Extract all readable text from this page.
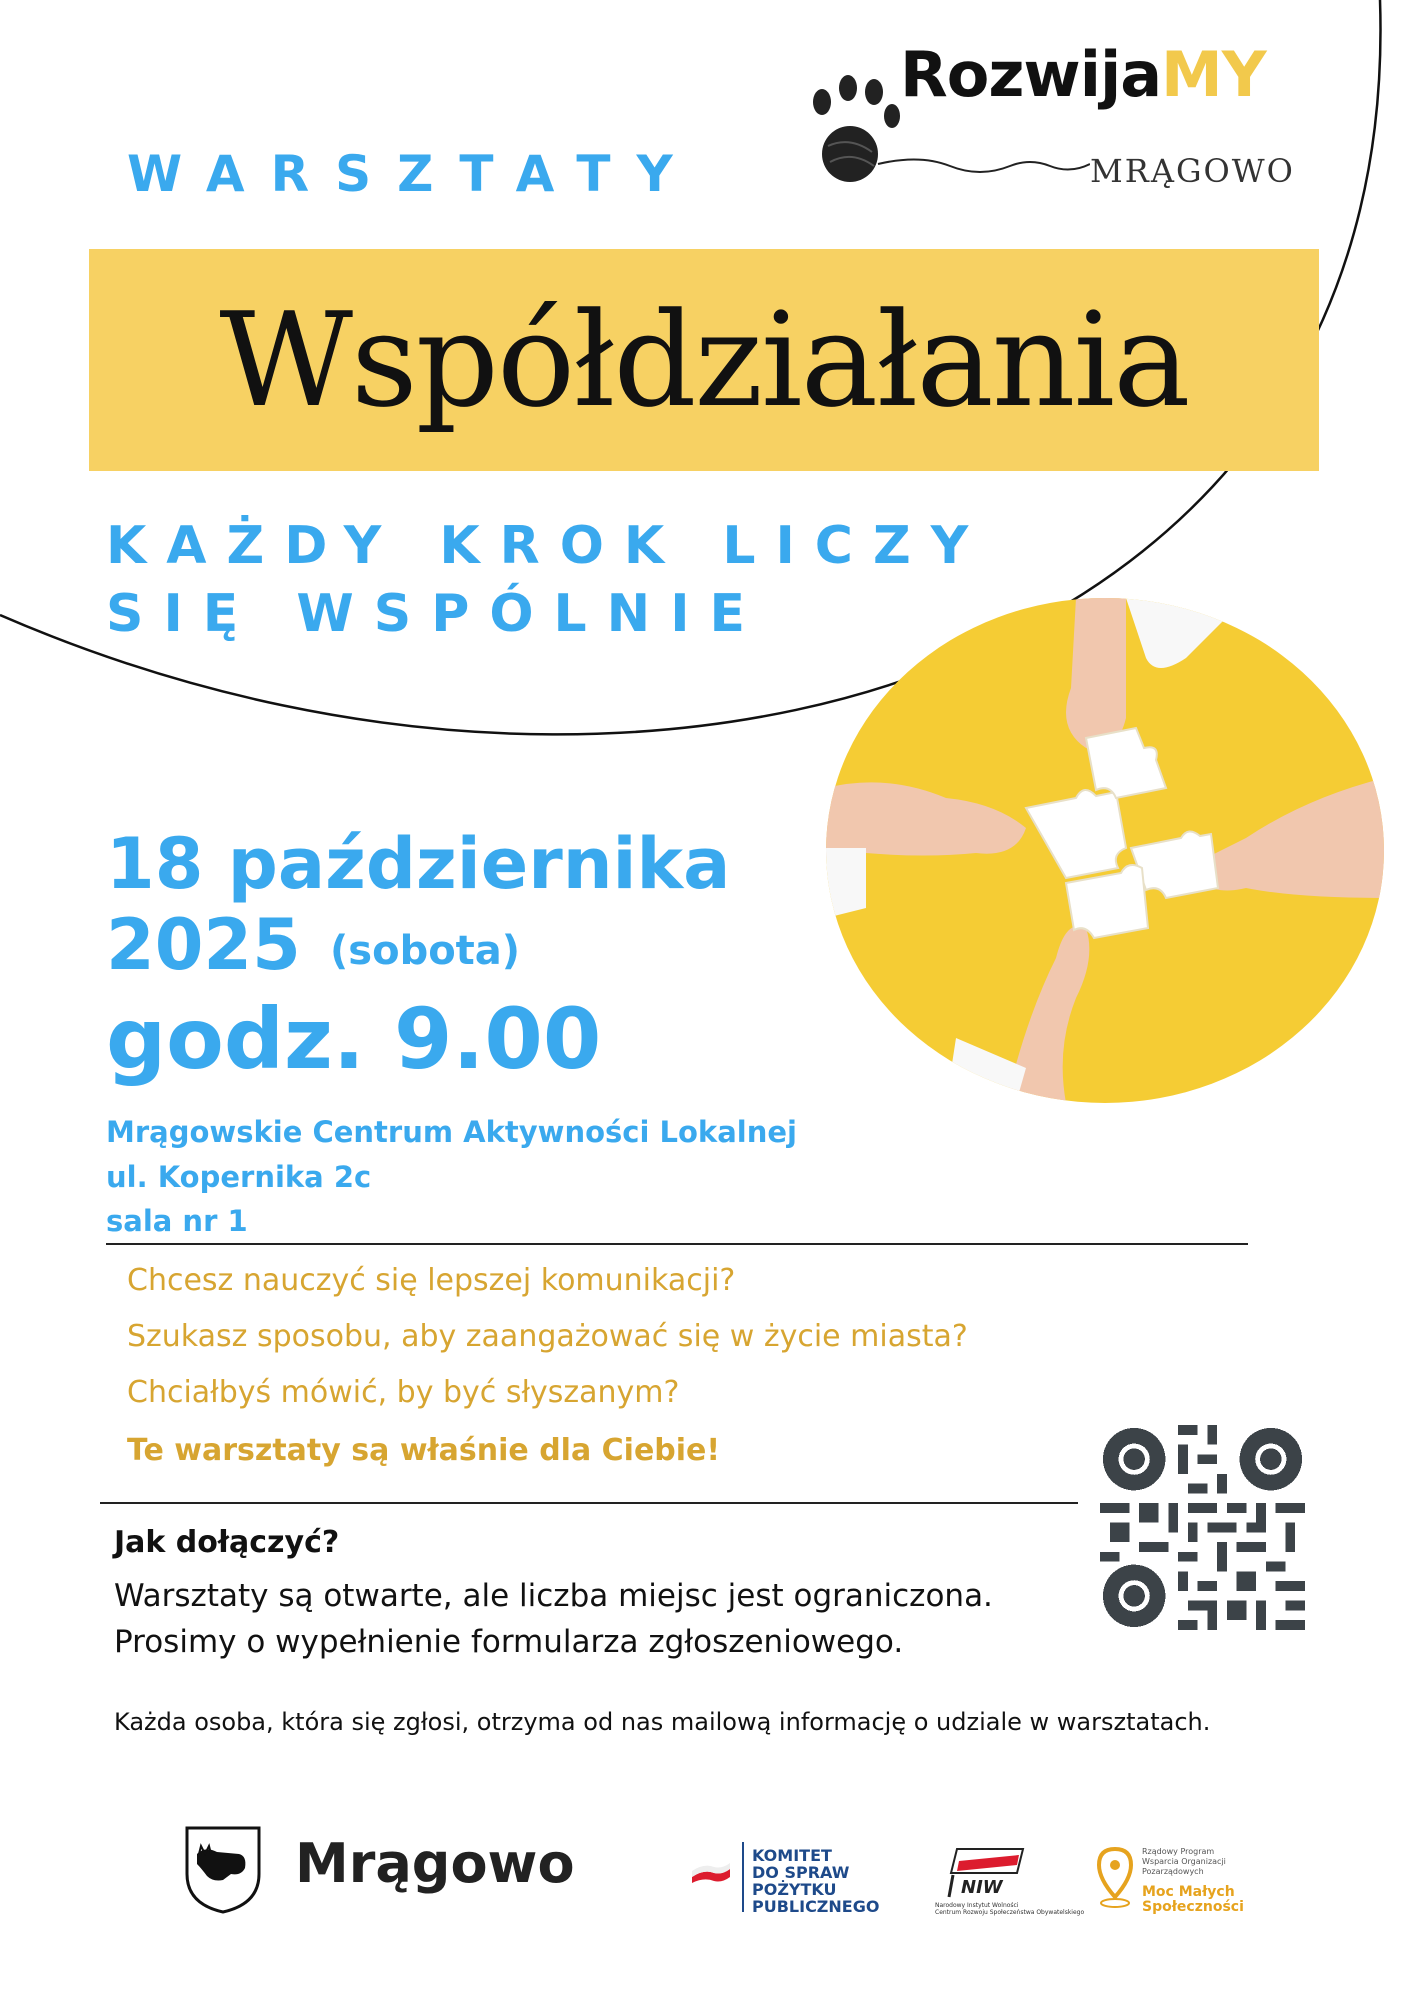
RozwijaMY
MRĄGOWO
WARSZTATY
Współdziałania
KAŻDY KROK LICZY
SIĘ WSPÓLNIE
18 października
2025 (sobota)
godz. 9.00
Mrągowskie Centrum Aktywności Lokalnej
ul. Kopernika 2c
sala nr 1
Chcesz nauczyć się lepszej komunikacji?
Szukasz sposobu, aby zaangażować się w życie miasta?
Chciałbyś mówić, by być słyszanym?
Te warsztaty są właśnie dla Ciebie!
Jak dołączyć?
Warsztaty są otwarte, ale liczba miejsc jest ograniczona.
Prosimy o wypełnienie formularza zgłoszeniowego.
Każda osoba, która się zgłosi, otrzyma od nas mailową informację o udziale w warsztatach.
Mrągowo	KOMITET
DO SPRAW
POŻYTKU
PUBLICZNEGO
NIW
Narodowy Instytut Wolności
Centrum Rozwoju Społeczeństwa Obywatelskiego
Rządowy Program
Wsparcia Organizacji
Pozarządowych
Moc Małych
Społeczności
